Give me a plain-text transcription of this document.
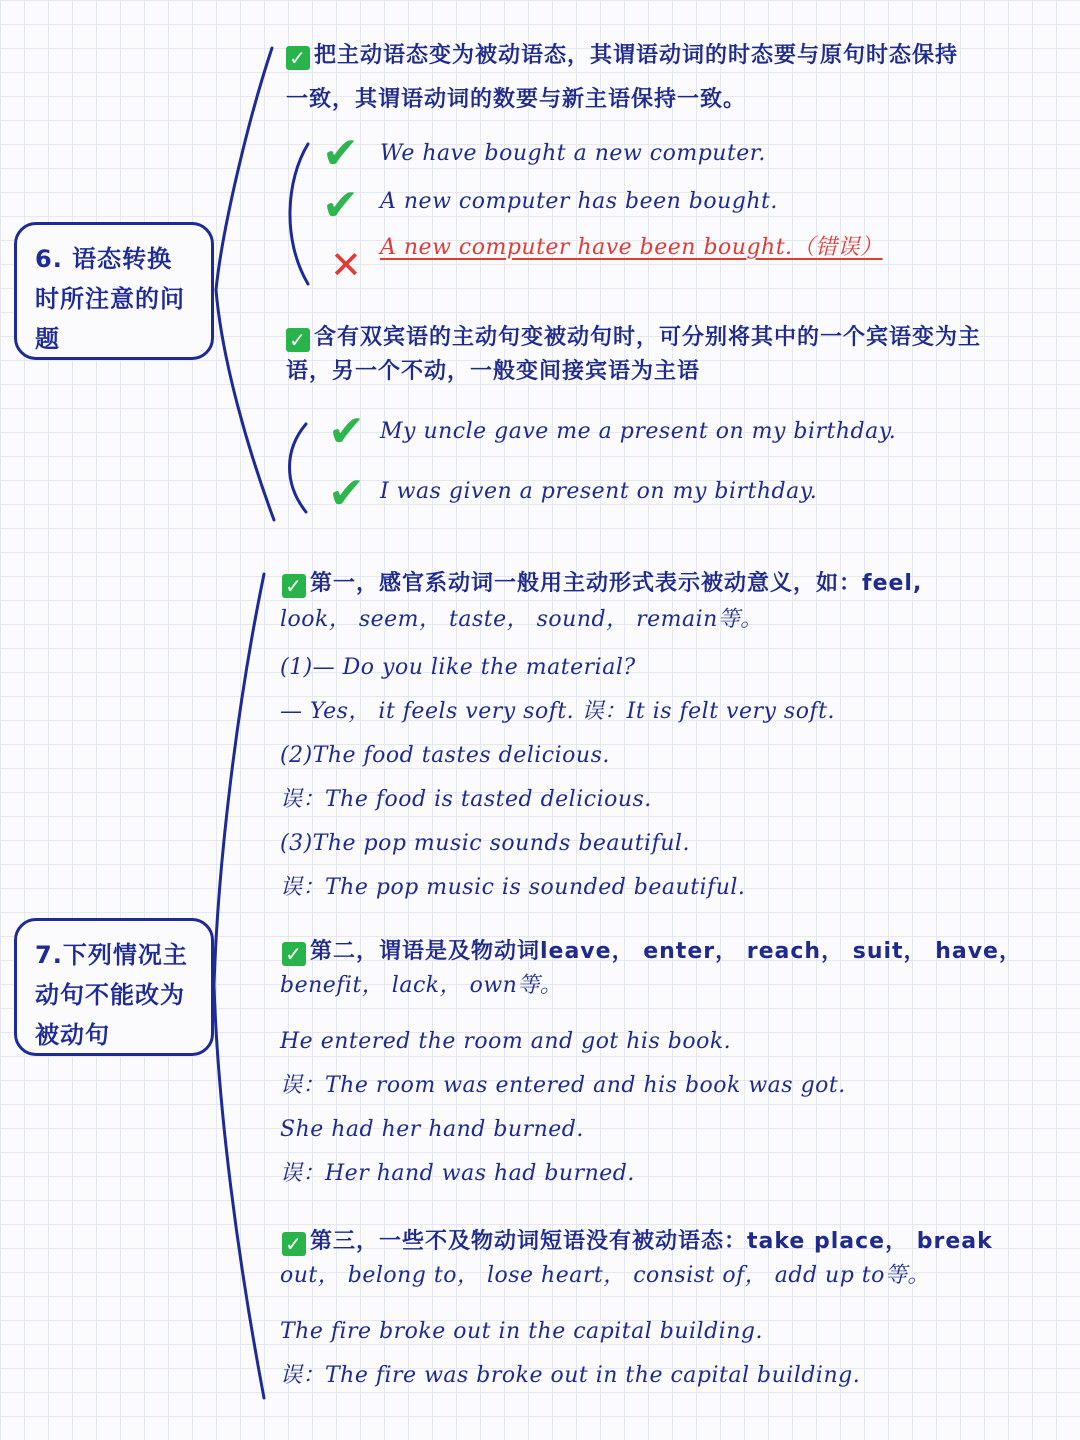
6. 语态转换时所注意的问题
✓ 把主动语态变为被动语态，其谓语动词的时态要与原句时态保持
一致，其谓语动词的数要与新主语保持一致。
✔ We have bought a new computer.
✔ A new computer has been bought.
✕ A new computer have been bought.（错误）
✓ 含有双宾语的主动句变被动句时，可分别将其中的一个宾语变为主
语，另一个不动，一般变间接宾语为主语
✔ My uncle gave me a present on my birthday.
✔ I was given a present on my birthday.
7.下列情况主动句不能改为被动句
✓ 第一，感官系动词一般用主动形式表示被动意义，如：feel,
look， seem， taste， sound， remain等。
(1)— Do you like the material?
— Yes， it feels very soft. 误：It is felt very soft.
(2)The food tastes delicious.
误：The food is tasted delicious.
(3)The pop music sounds beautiful.
误：The pop music is sounded beautiful.
✓ 第二，谓语是及物动词leave， enter， reach， suit， have，
benefit， lack， own等。
He entered the room and got his book.
误：The room was entered and his book was got.
She had her hand burned.
误：Her hand was had burned.
✓ 第三，一些不及物动词短语没有被动语态：take place， break
out， belong to， lose heart， consist of， add up to等。
The fire broke out in the capital building.
误：The fire was broke out in the capital building.
